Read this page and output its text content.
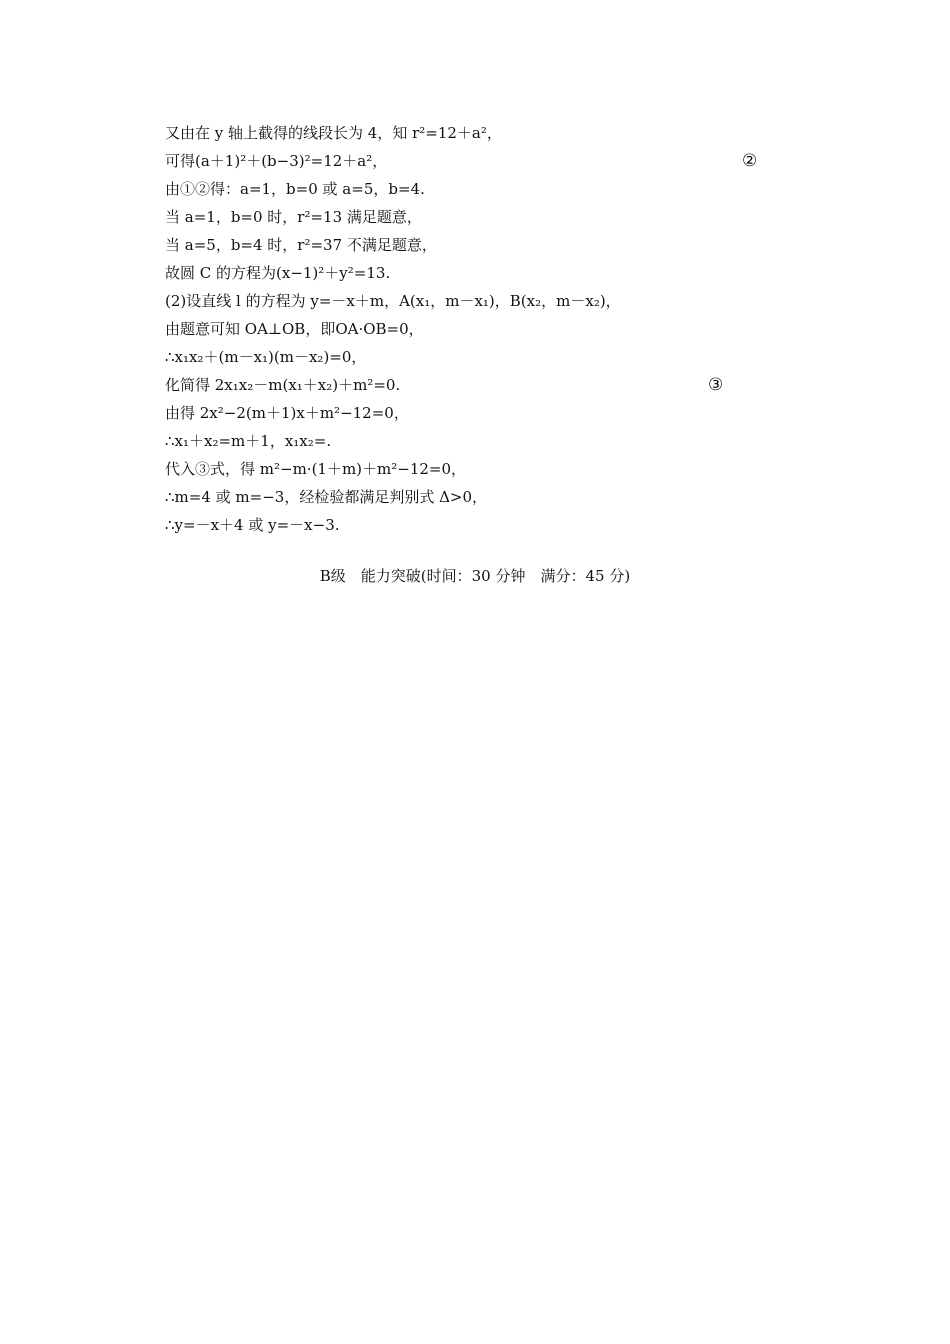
又由在 y 轴上截得的线段长为 4，知 r²=12＋a²，
可得(a＋1)²＋(b−3)²=12＋a²，	②
由①②得：a=1，b=0 或 a=5，b=4.
当 a=1，b=0 时，r²=13 满足题意，
当 a=5，b=4 时，r²=37 不满足题意，
故圆 C 的方程为(x−1)²＋y²=13.
(2)设直线 l 的方程为 y=－x＋m，A(x₁，m－x₁)，B(x₂，m－x₂)，
由题意可知 OA⊥OB，即OA·OB=0，
∴x₁x₂＋(m－x₁)(m－x₂)=0，
化简得 2x₁x₂－m(x₁＋x₂)＋m²=0.	③
由得 2x²−2(m＋1)x＋m²−12=0，
∴x₁＋x₂=m＋1，x₁x₂=.
代入③式，得 m²−m·(1＋m)＋m²−12=0，
∴m=4 或 m=−3，经检验都满足判别式 Δ>0，
∴y=－x＋4 或 y=－x−3.
B级　能力突破(时间：30 分钟　满分：45 分)
